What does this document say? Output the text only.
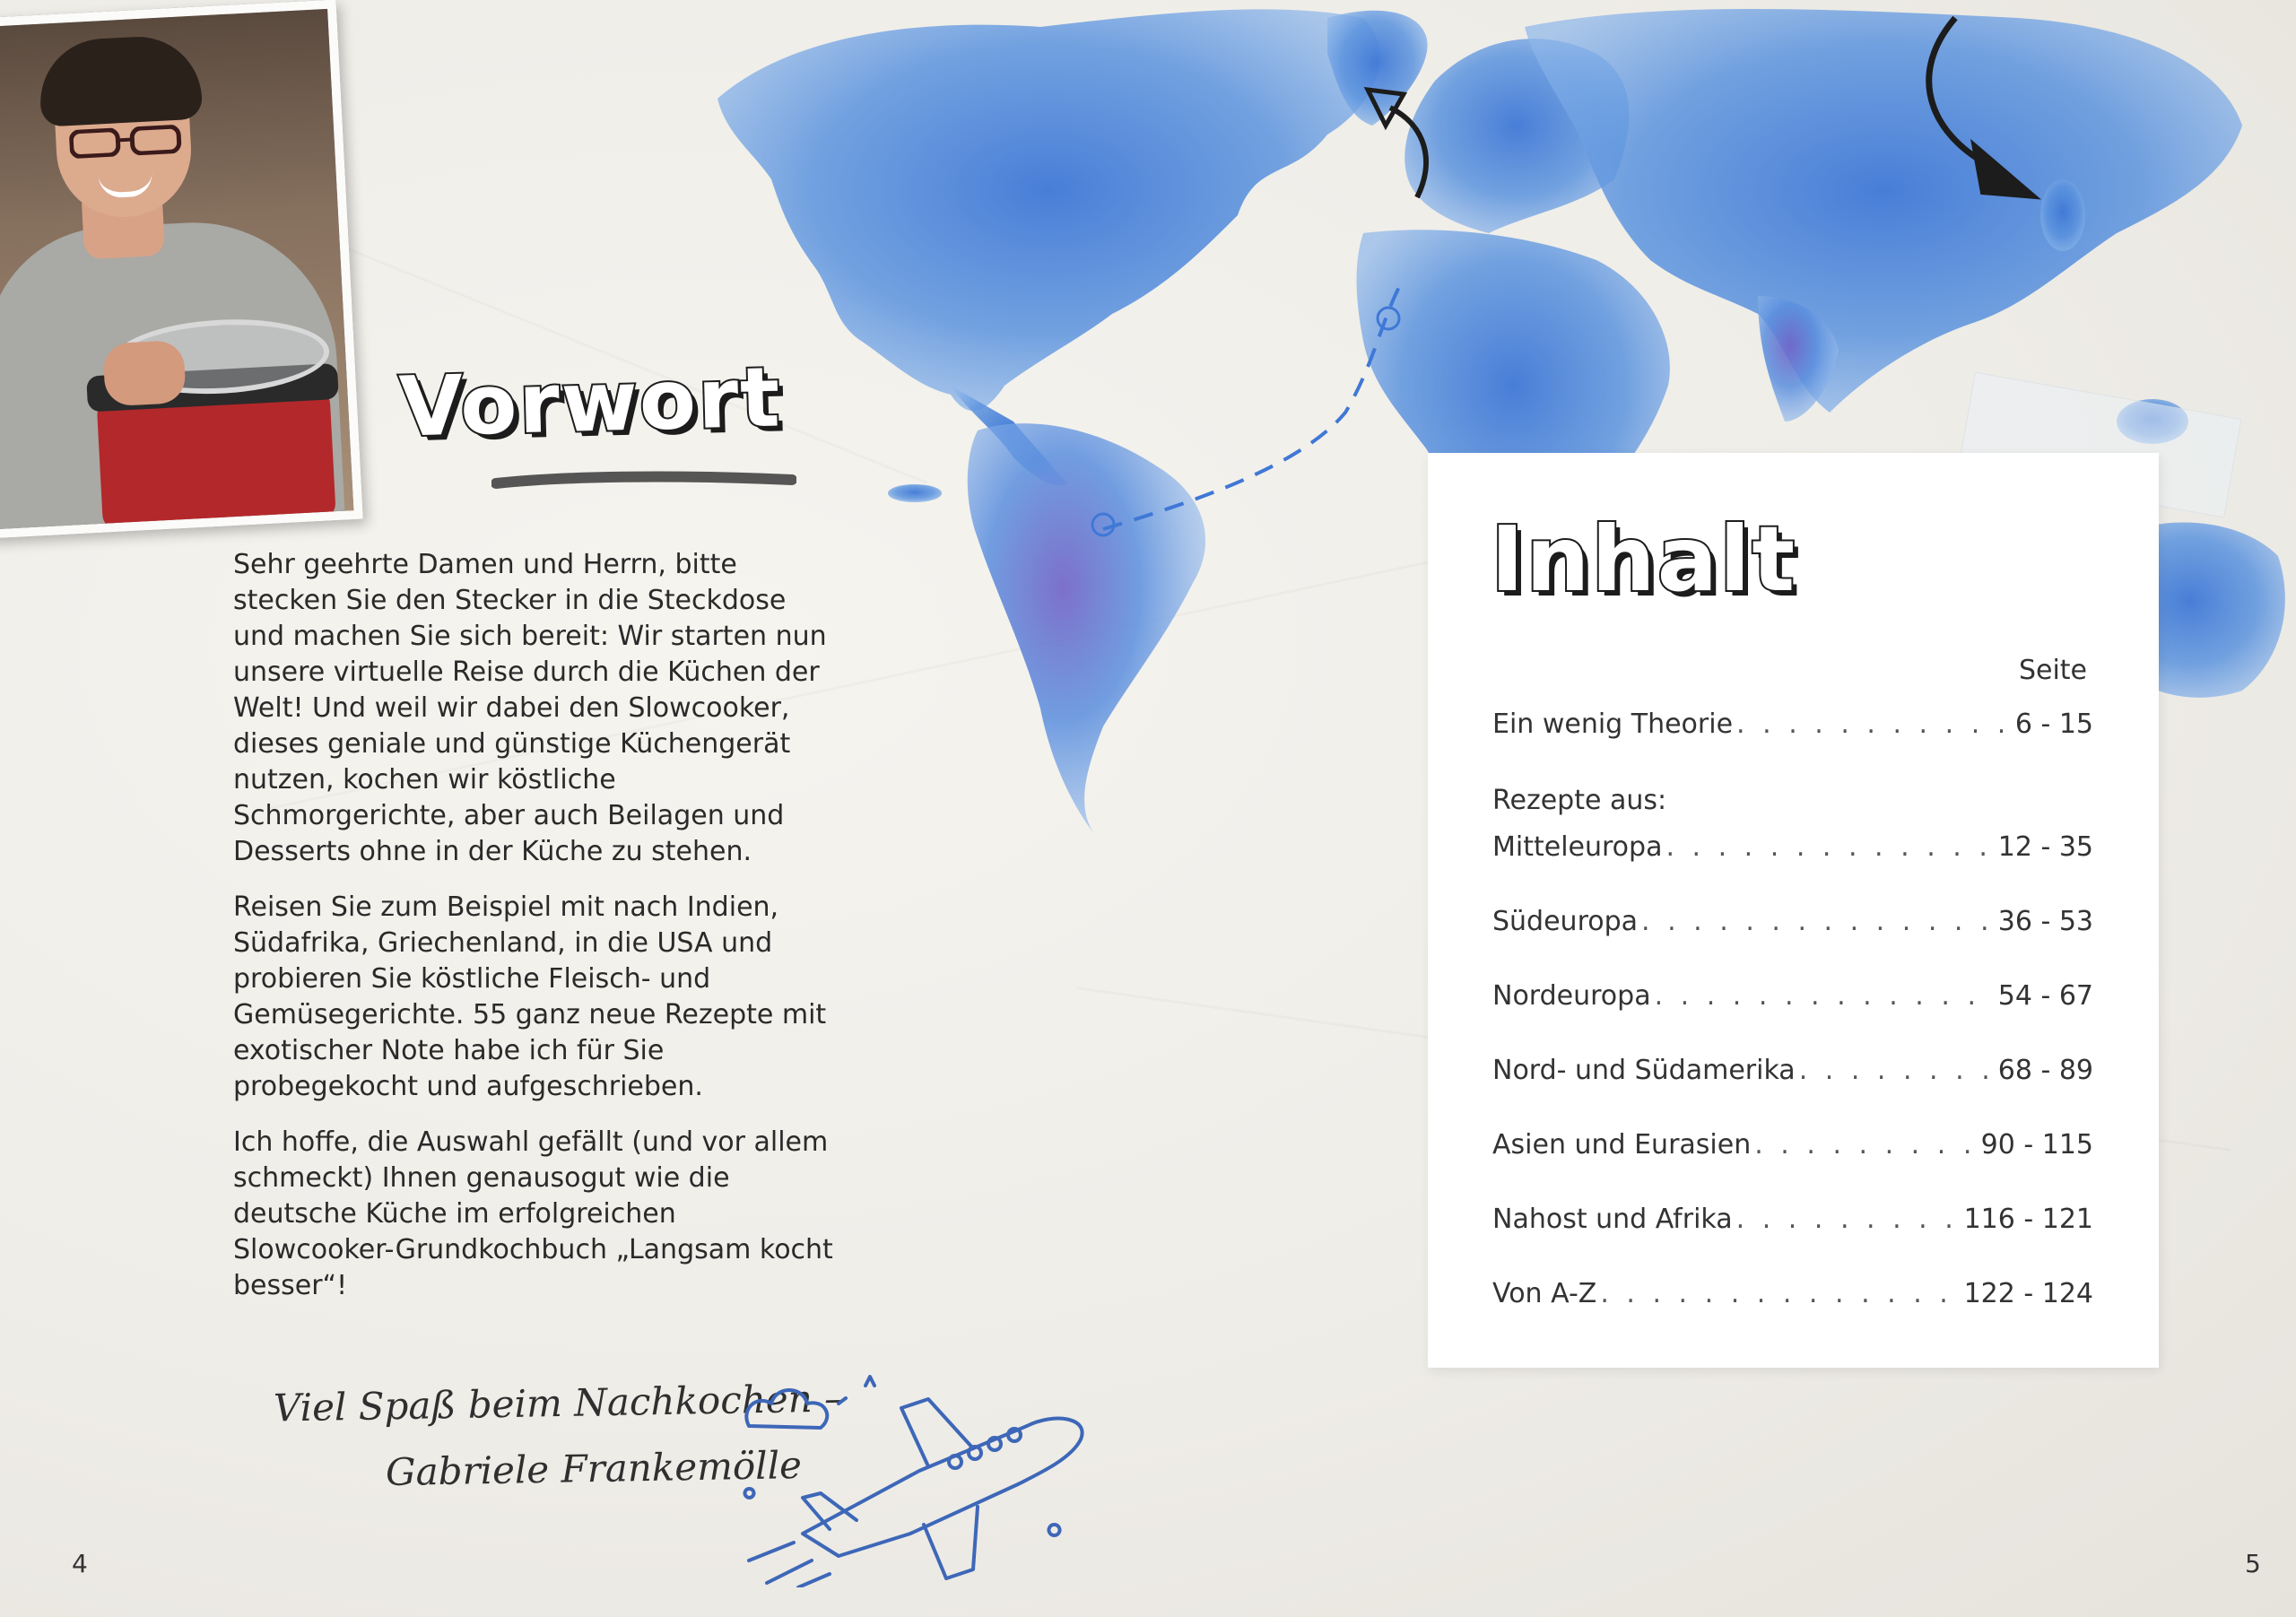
Vorwort

Sehr geehrte Damen und Herrn, bitte stecken Sie den Stecker in die Steckdose und machen Sie sich bereit: Wir starten nun unsere virtuelle Reise durch die Küchen der Welt! Und weil wir dabei den Slowcooker, dieses geniale und günstige Küchengerät nutzen, kochen wir köstliche Schmorgerichte, aber auch Beilagen und Desserts ohne in der Küche zu stehen.

Reisen Sie zum Beispiel mit nach Indien, Südafrika, Griechenland, in die USA und probieren Sie köstliche Fleisch- und Gemüsegerichte. 55 ganz neue Rezepte mit exotischer Note habe ich für Sie probegekocht und aufgeschrieben.

Ich hoffe, die Auswahl gefällt (und vor allem schmeckt) Ihnen genausogut wie die deutsche Küche im erfolgreichen Slowcooker-Grundkochbuch „Langsam kocht besser“!

Viel Spaß beim Nachkochen –
Gabriele Frankemölle
Seite
Ein wenig Theorie . . .	6 - 15
Rezepte aus:
Mitteleuropa . . .	12 - 35
Südeuropa . . .	36 - 53
Nordeuropa . . .	54 - 67
Nord- und Südamerika . . .	68 - 89
Asien und Eurasien . . .	90 - 115
Nahost und Afrika . . .	116 - 121
Von A-Z . . .	122 - 124
Inhalt
4	5
